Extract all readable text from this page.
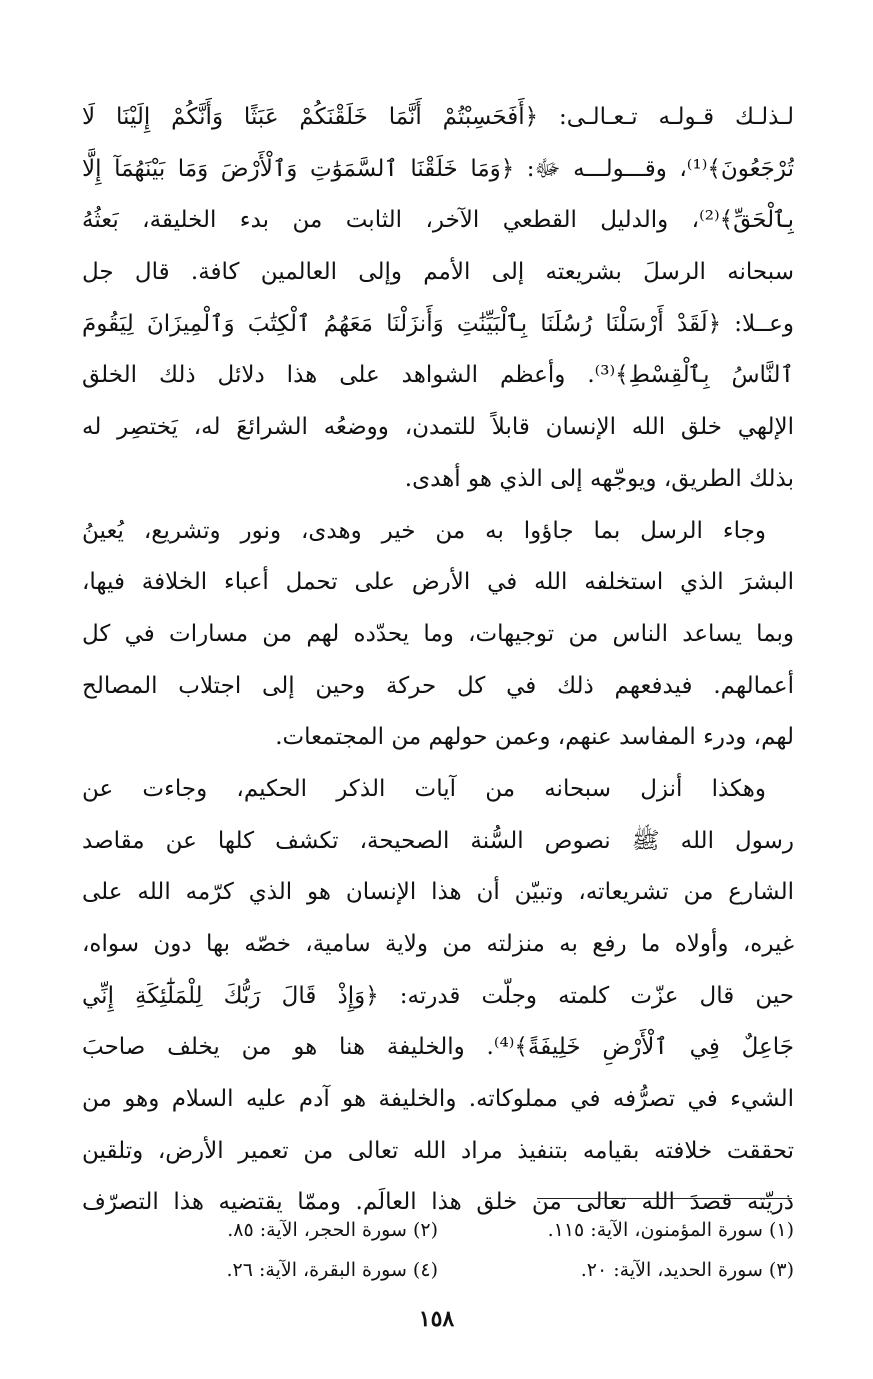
لـذلـك قـولـه تـعـالـى: ﴿أَفَحَسِبْتُمْ أَنَّمَا خَلَقْنَكُمْ عَبَثًا وَأَنَّكُمْ إِلَيْنَا لَا
تُرْجَعُونَ﴾⁽¹⁾، وقـــولـــه ﷻ: ﴿وَمَا خَلَقْنَا ٱلسَّمَوَٰتِ وَٱلْأَرْضَ وَمَا بَيْنَهُمَآ إِلَّا
بِٱلْحَقِّ﴾⁽²⁾، والدليل القطعي الآخر، الثابت من بدء الخليقة، بَعثُهُ
سبحانه الرسلَ بشريعته إلى الأمم وإلى العالمين كافة. قال جل
وعــلا: ﴿لَقَدْ أَرْسَلْنَا رُسُلَنَا بِٱلْبَيِّنَٰتِ وَأَنزَلْنَا مَعَهُمُ ٱلْكِتَٰبَ وَٱلْمِيزَانَ لِيَقُومَ
ٱلنَّاسُ بِٱلْقِسْطِ﴾⁽³⁾. وأعظم الشواهد على هذا دلائل ذلك الخلق
الإلهي خلق الله الإنسان قابلاً للتمدن، ووضعُه الشرائعَ له، يَختصِر له
بذلك الطريق، ويوجّهه إلى الذي هو أهدى.
وجاء الرسل بما جاؤوا به من خير وهدى، ونور وتشريع، يُعينُ
البشرَ الذي استخلفه الله في الأرض على تحمل أعباء الخلافة فيها،
وبما يساعد الناس من توجيهات، وما يحدّده لهم من مسارات في كل
أعمالهم. فيدفعهم ذلك في كل حركة وحين إلى اجتلاب المصالح
لهم، ودرء المفاسد عنهم، وعمن حولهم من المجتمعات.
وهكذا أنزل سبحانه من آيات الذكر الحكيم، وجاءت عن
رسول الله ﷺ نصوص السُّنة الصحيحة، تكشف كلها عن مقاصد
الشارع من تشريعاته، وتبيّن أن هذا الإنسان هو الذي كرّمه الله على
غيره، وأولاه ما رفع به منزلته من ولاية سامية، خصّه بها دون سواه،
حين قال عزّت كلمته وجلّت قدرته: ﴿وَإِذْ قَالَ رَبُّكَ لِلْمَلَٰٓئِكَةِ إِنِّي
جَاعِلٌ فِي ٱلْأَرْضِ خَلِيفَةً﴾⁽⁴⁾. والخليفة هنا هو من يخلف صاحبَ
الشيء في تصرُّفه في مملوكاته. والخليفة هو آدم عليه السلام وهو من
تحققت خلافته بقيامه بتنفيذ مراد الله تعالى من تعمير الأرض، وتلقين
ذريّته قصدَ الله تعالى من خلق هذا العالَم. وممّا يقتضيه هذا التصرّف
(١) سورة المؤمنون، الآية: ١١٥.
(٢) سورة الحجر، الآية: ٨٥.
(٣) سورة الحديد، الآية: ٢٠.
(٤) سورة البقرة، الآية: ٢٦.
١٥٨
